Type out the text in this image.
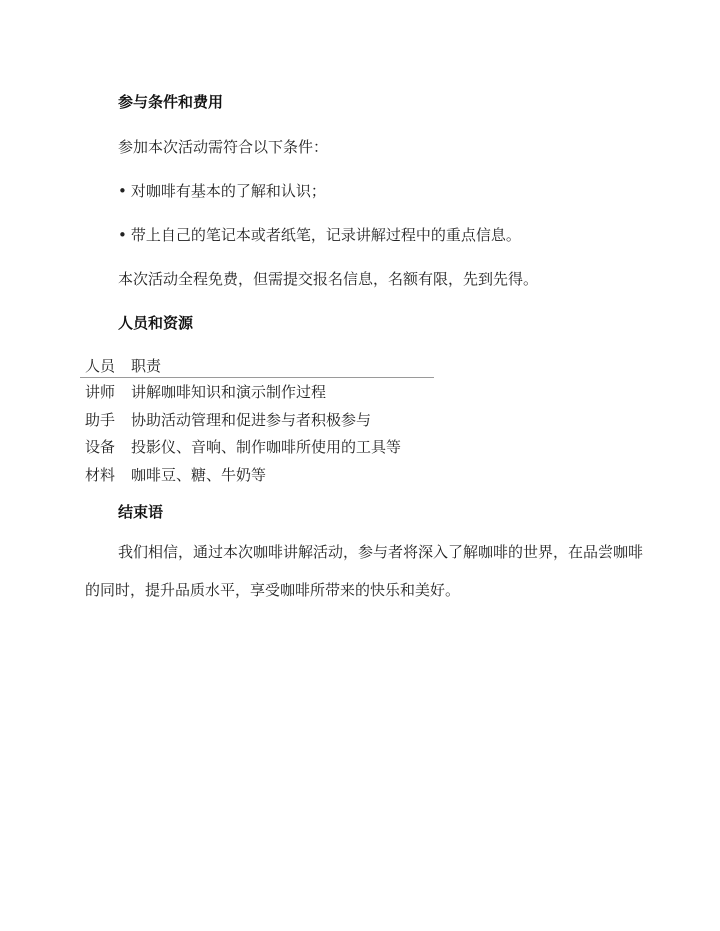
参与条件和费用
参加本次活动需符合以下条件：
• 对咖啡有基本的了解和认识；
• 带上自己的笔记本或者纸笔，记录讲解过程中的重点信息。
本次活动全程免费，但需提交报名信息，名额有限，先到先得。
人员和资源
人员	职责
讲师	讲解咖啡知识和演示制作过程
助手	协助活动管理和促进参与者积极参与
设备	投影仪、音响、制作咖啡所使用的工具等
材料	咖啡豆、糖、牛奶等
结束语
我们相信，通过本次咖啡讲解活动，参与者将深入了解咖啡的世界，在品尝咖啡的同时，提升品质水平，享受咖啡所带来的快乐和美好。
